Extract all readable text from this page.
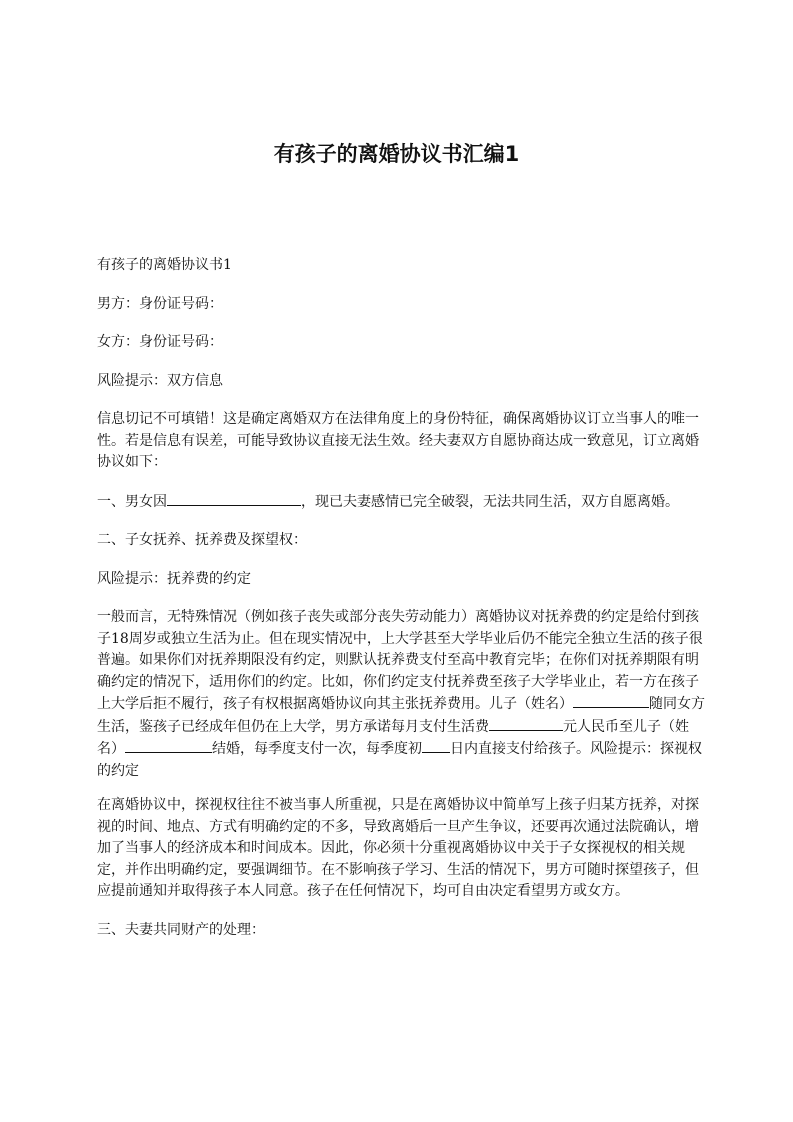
有孩子的离婚协议书汇编1

有孩子的离婚协议书1

男方：身份证号码：

女方：身份证号码：

风险提示：双方信息

信息切记不可填错！这是确定离婚双方在法律角度上的身份特征，确保离婚协议订立当事人的唯一性。若是信息有误差，可能导致协议直接无法生效。经夫妻双方自愿协商达成一致意见，订立离婚协议如下：

一、男女因	，现已夫妻感情已完全破裂，无法共同生活，双方自愿离婚。

二、子女抚养、抚养费及探望权：

风险提示：抚养费的约定

一般而言，无特殊情况（例如孩子丧失或部分丧失劳动能力）离婚协议对抚养费的约定是给付到孩子18周岁或独立生活为止。但在现实情况中，上大学甚至大学毕业后仍不能完全独立生活的孩子很普遍。如果你们对抚养期限没有约定，则默认抚养费支付至高中教育完毕；在你们对抚养期限有明确约定的情况下，适用你们的约定。比如，你们约定支付抚养费至孩子大学毕业止，若一方在孩子上大学后拒不履行，孩子有权根据离婚协议向其主张抚养费用。儿子（姓名）	随同女方生活，鉴孩子已经成年但仍在上大学，男方承诺每月支付生活费	元人民币至儿子（姓名）	结婚，每季度支付一次，每季度初 日内直接支付给孩子。风险提示：探视权的约定

在离婚协议中，探视权往往不被当事人所重视，只是在离婚协议中简单写上孩子归某方抚养，对探视的时间、地点、方式有明确约定的不多，导致离婚后一旦产生争议，还要再次通过法院确认，增加了当事人的经济成本和时间成本。因此，你必须十分重视离婚协议中关于子女探视权的相关规定，并作出明确约定，要强调细节。在不影响孩子学习、生活的情况下，男方可随时探望孩子，但应提前通知并取得孩子本人同意。孩子在任何情况下，均可自由决定看望男方或女方。

三、夫妻共同财产的处理：
